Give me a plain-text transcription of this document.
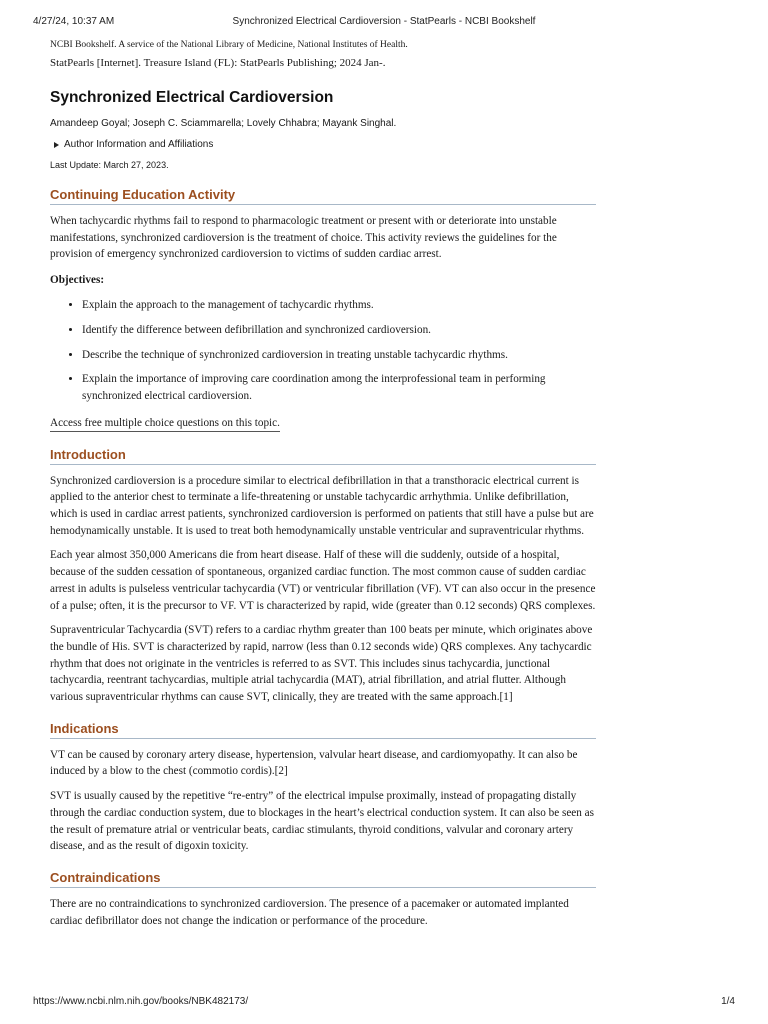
4/27/24, 10:37 AM	Synchronized Electrical Cardioversion - StatPearls - NCBI Bookshelf

NCBI Bookshelf. A service of the National Library of Medicine, National Institutes of Health.

StatPearls [Internet]. Treasure Island (FL): StatPearls Publishing; 2024 Jan-.

Synchronized Electrical Cardioversion

Amandeep Goyal; Joseph C. Sciammarella; Lovely Chhabra; Mayank Singhal.

Author Information and Affiliations

Last Update: March 27, 2023.

Continuing Education Activity

When tachycardic rhythms fail to respond to pharmacologic treatment or present with or deteriorate into unstable manifestations, synchronized cardioversion is the treatment of choice. This activity reviews the guidelines for the provision of emergency synchronized cardioversion to victims of sudden cardiac arrest.

Objectives:

• Explain the approach to the management of tachycardic rhythms.
• Identify the difference between defibrillation and synchronized cardioversion.
• Describe the technique of synchronized cardioversion in treating unstable tachycardic rhythms.
• Explain the importance of improving care coordination among the interprofessional team in performing synchronized electrical cardioversion.
Access free multiple choice questions on this topic.
Introduction

Synchronized cardioversion is a procedure similar to electrical defibrillation in that a transthoracic electrical current is applied to the anterior chest to terminate a life-threatening or unstable tachycardic arrhythmia. Unlike defibrillation, which is used in cardiac arrest patients, synchronized cardioversion is performed on patients that still have a pulse but are hemodynamically unstable. It is used to treat both hemodynamically unstable ventricular and supraventricular rhythms.

Each year almost 350,000 Americans die from heart disease. Half of these will die suddenly, outside of a hospital, because of the sudden cessation of spontaneous, organized cardiac function. The most common cause of sudden cardiac arrest in adults is pulseless ventricular tachycardia (VT) or ventricular fibrillation (VF). VT can also occur in the presence of a pulse; often, it is the precursor to VF. VT is characterized by rapid, wide (greater than 0.12 seconds) QRS complexes.

Supraventricular Tachycardia (SVT) refers to a cardiac rhythm greater than 100 beats per minute, which originates above the bundle of His. SVT is characterized by rapid, narrow (less than 0.12 seconds wide) QRS complexes. Any tachycardic rhythm that does not originate in the ventricles is referred to as SVT. This includes sinus tachycardia, junctional tachycardia, reentrant tachycardias, multiple atrial tachycardia (MAT), atrial fibrillation, and atrial flutter. Although various supraventricular rhythms can cause SVT, clinically, they are treated with the same approach.[1]

Indications

VT can be caused by coronary artery disease, hypertension, valvular heart disease, and cardiomyopathy. It can also be induced by a blow to the chest (commotio cordis).[2]

SVT is usually caused by the repetitive “re-entry” of the electrical impulse proximally, instead of propagating distally through the cardiac conduction system, due to blockages in the heart’s electrical conduction system. It can also be seen as the result of premature atrial or ventricular beats, cardiac stimulants, thyroid conditions, valvular and coronary artery disease, and as the result of digoxin toxicity.

Contraindications

There are no contraindications to synchronized cardioversion. The presence of a pacemaker or automated implanted cardiac defibrillator does not change the indication or performance of the procedure.

https://www.ncbi.nlm.nih.gov/books/NBK482173/	1/4
